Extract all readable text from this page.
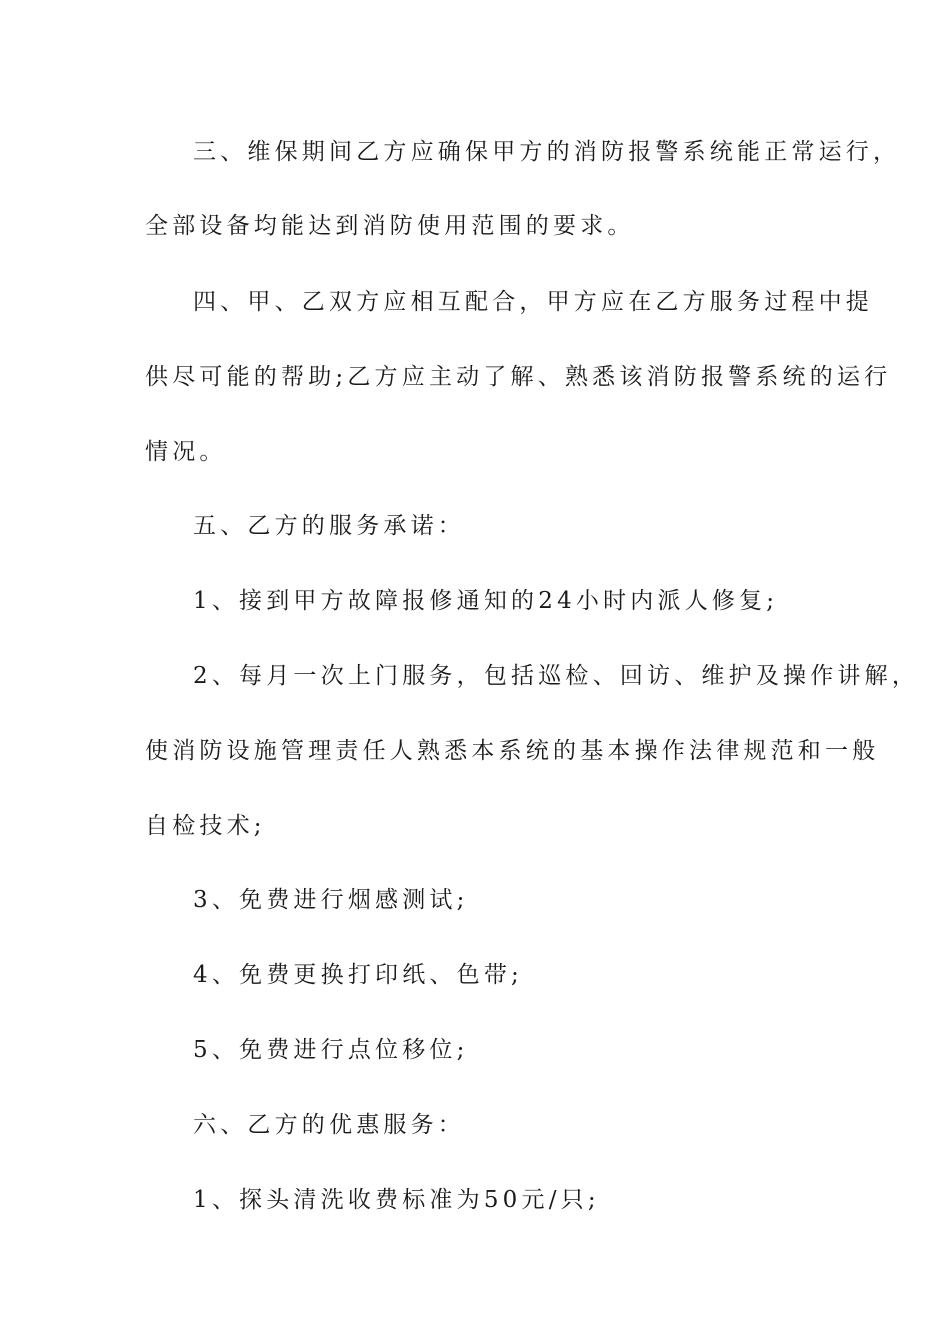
三、维保期间乙方应确保甲方的消防报警系统能正常运行，
全部设备均能达到消防使用范围的要求。
四、甲、乙双方应相互配合，甲方应在乙方服务过程中提
供尽可能的帮助;乙方应主动了解、熟悉该消防报警系统的运行
情况。
五、乙方的服务承诺：
1、接到甲方故障报修通知的24小时内派人修复;
2、每月一次上门服务，包括巡检、回访、维护及操作讲解，
使消防设施管理责任人熟悉本系统的基本操作法律规范和一般
自检技术;
3、免费进行烟感测试;
4、免费更换打印纸、色带;
5、免费进行点位移位;
六、乙方的优惠服务：
1、探头清洗收费标准为50元/只;
